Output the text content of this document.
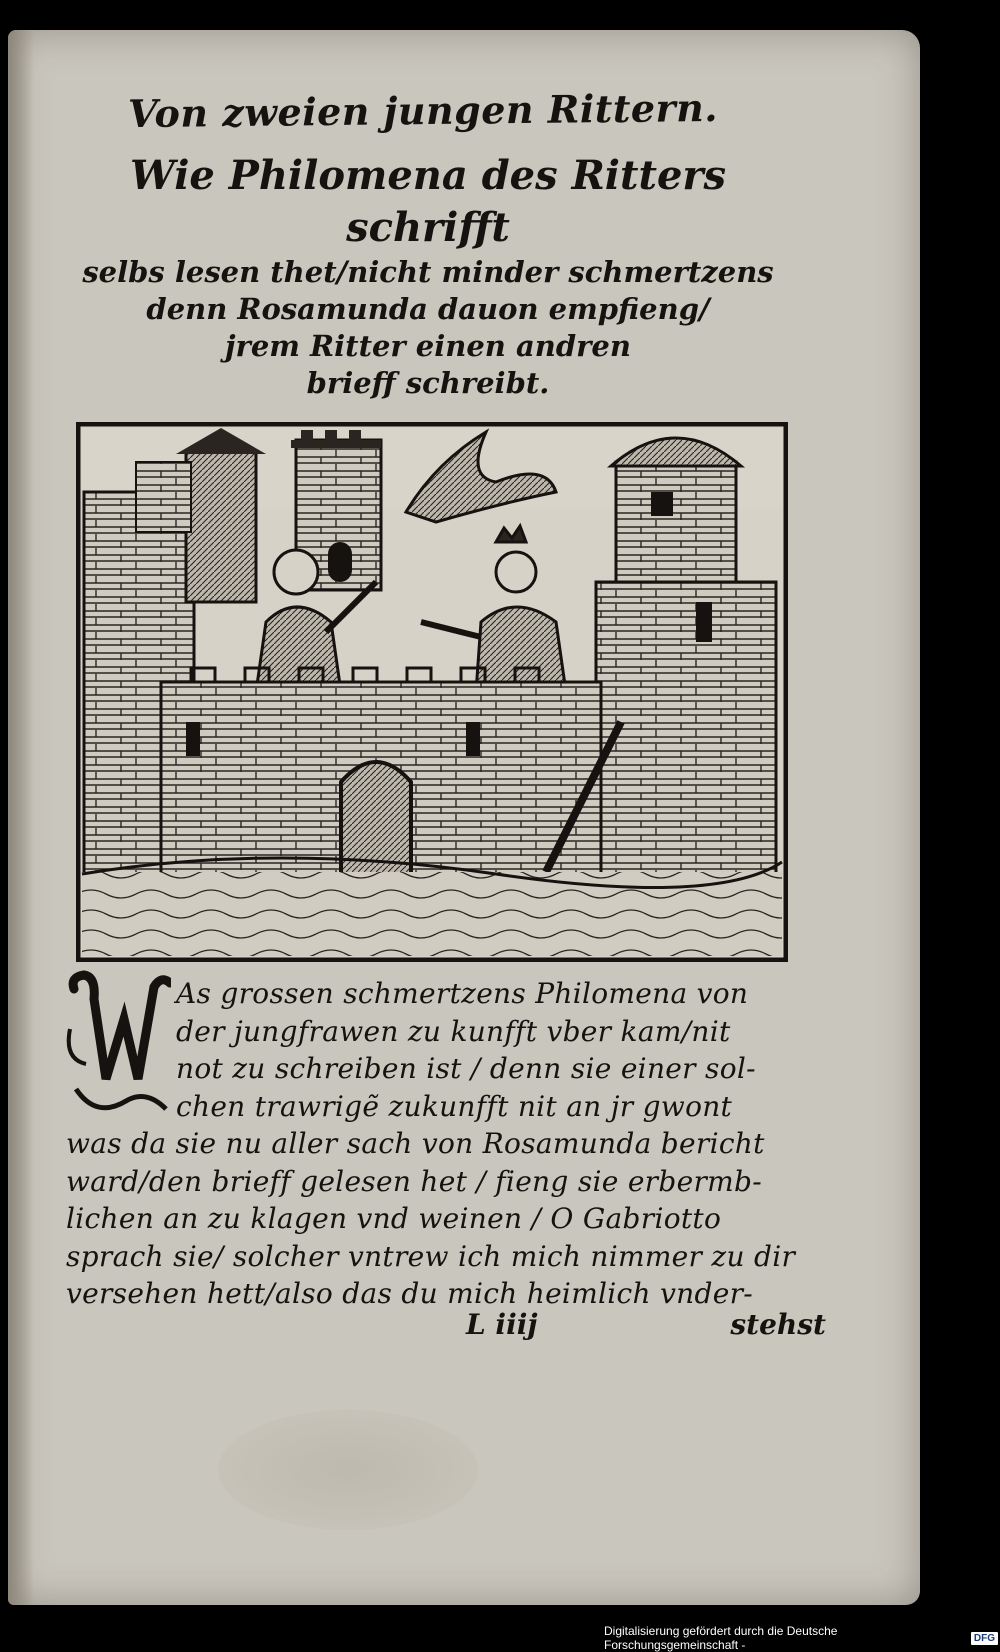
Von zweien jungen Rittern.
Wie Philomena des Ritters schrifft
selbs lesen thet/nicht minder schmertzens
denn Rosamunda dauon empfieng/
jrem Ritter einen andren
brieff schreibt.
W
As grossen schmertzens Philomena von
der jungfrawen zu kunfft vber kam/nit
not zu schreiben ist / denn sie einer sol-
chen trawrigẽ zukunfft nit an jr gwont
was da sie nu aller sach von Rosamunda bericht
ward/den brieff gelesen het / fieng sie erbermb-
lichen an zu klagen vnd weinen / O Gabriotto
sprach sie/ solcher vntrew ich mich nimmer zu dir
versehen hett/also das du mich heimlich vnder-
L iiij	stehst
Digitalisierung gefördert durch die Deutsche Forschungsgemeinschaft -	DFG
